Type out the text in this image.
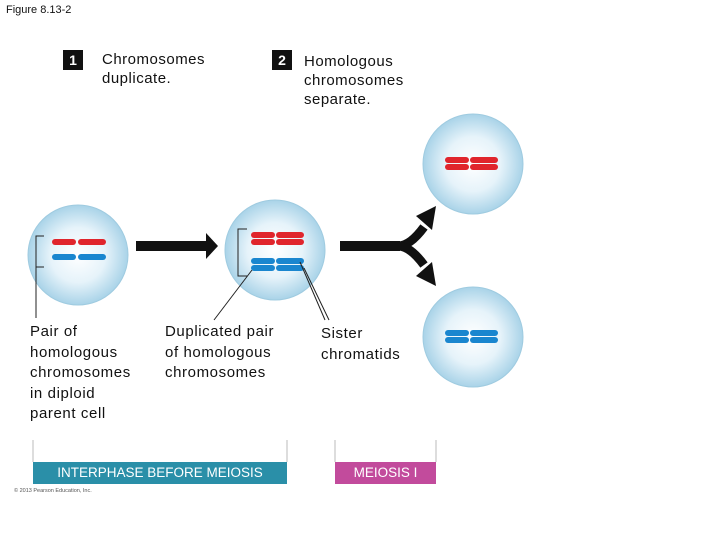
Figure 8.13-2
1	Chromosomes
duplicate.
2	Homologous
chromosomes
separate.
Pair of
homologous
chromosomes
in diploid
parent cell
Duplicated pair
of homologous
chromosomes
Sister
chromatids
INTERPHASE BEFORE MEIOSIS	MEIOSIS I
© 2013 Pearson Education, Inc.
